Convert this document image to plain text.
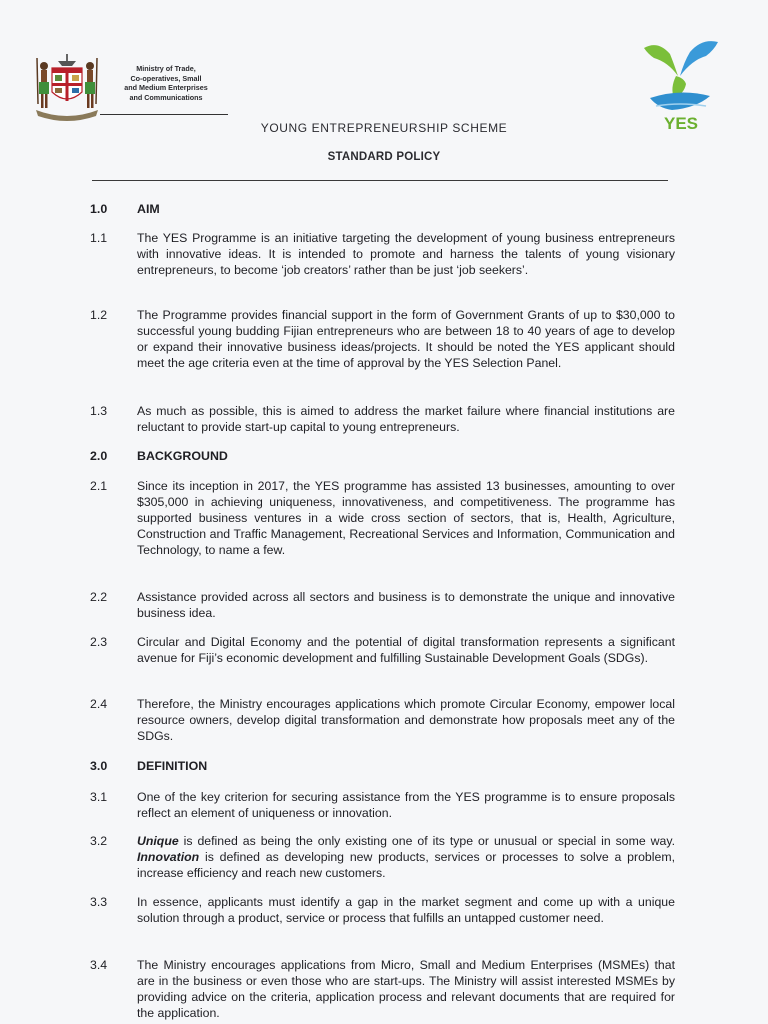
Ministry of Trade,
Co-operatives, Small
and Medium Enterprises
and Communications
YES
YOUNG ENTREPRENEURSHIP SCHEME
STANDARD POLICY
1.0 AIM
1.1 The YES Programme is an initiative targeting the development of young business entrepreneurs with innovative ideas. It is intended to promote and harness the talents of young visionary entrepreneurs, to become ‘job creators’ rather than be just ‘job seekers’.
1.2 The Programme provides financial support in the form of Government Grants of up to $30,000 to successful young budding Fijian entrepreneurs who are between 18 to 40 years of age to develop or expand their innovative business ideas/projects. It should be noted the YES applicant should meet the age criteria even at the time of approval by the YES Selection Panel.
1.3 As much as possible, this is aimed to address the market failure where financial institutions are reluctant to provide start-up capital to young entrepreneurs.
2.0 BACKGROUND
2.1 Since its inception in 2017, the YES programme has assisted 13 businesses, amounting to over $305,000 in achieving uniqueness, innovativeness, and competitiveness. The programme has supported business ventures in a wide cross section of sectors, that is, Health, Agriculture, Construction and Traffic Management, Recreational Services and Information, Communication and Technology, to name a few.
2.2 Assistance provided across all sectors and business is to demonstrate the unique and innovative business idea.
2.3 Circular and Digital Economy and the potential of digital transformation represents a significant avenue for Fiji’s economic development and fulfilling Sustainable Development Goals (SDGs).
2.4 Therefore, the Ministry encourages applications which promote Circular Economy, empower local resource owners, develop digital transformation and demonstrate how proposals meet any of the SDGs.
3.0 DEFINITION
3.1 One of the key criterion for securing assistance from the YES programme is to ensure proposals reflect an element of uniqueness or innovation.
3.2 Unique is defined as being the only existing one of its type or unusual or special in some way. Innovation is defined as developing new products, services or processes to solve a problem, increase efficiency and reach new customers.
3.3 In essence, applicants must identify a gap in the market segment and come up with a unique solution through a product, service or process that fulfills an untapped customer need.
3.4 The Ministry encourages applications from Micro, Small and Medium Enterprises (MSMEs) that are in the business or even those who are start-ups. The Ministry will assist interested MSMEs by providing advice on the criteria, application process and relevant documents that are required for the application.
